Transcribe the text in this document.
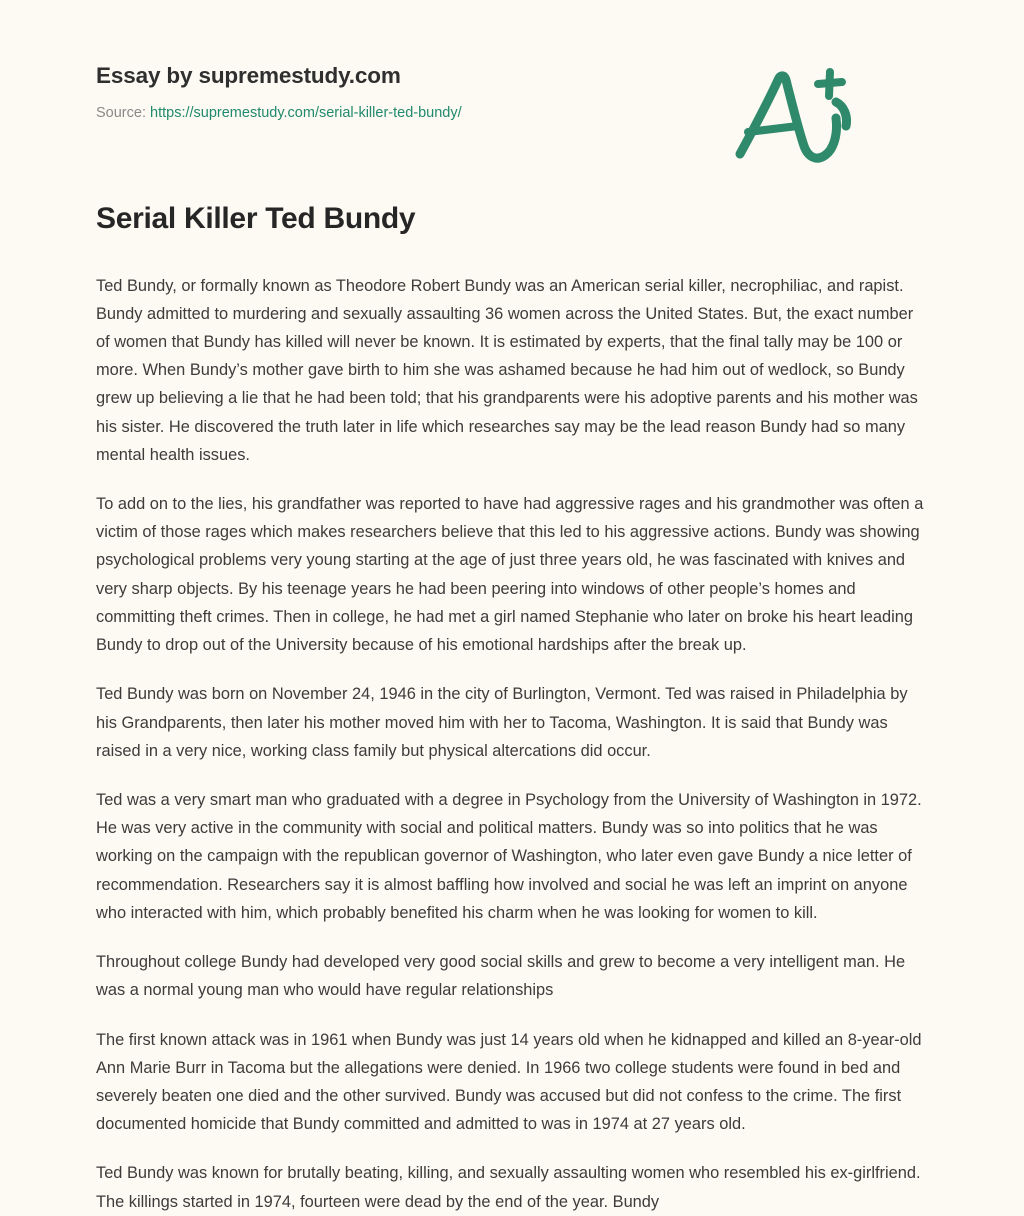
Essay by supremestudy.com
Source: https://supremestudy.com/serial-killer-ted-bundy/
Serial Killer Ted Bundy

Ted Bundy, or formally known as Theodore Robert Bundy was an American serial killer, necrophiliac, and rapist. Bundy admitted to murdering and sexually assaulting 36 women across the United States. But, the exact number of women that Bundy has killed will never be known. It is estimated by experts, that the final tally may be 100 or more. When Bundy’s mother gave birth to him she was ashamed because he had him out of wedlock, so Bundy grew up believing a lie that he had been told; that his grandparents were his adoptive parents and his mother was his sister. He discovered the truth later in life which researches say may be the lead reason Bundy had so many mental health issues.

To add on to the lies, his grandfather was reported to have had aggressive rages and his grandmother was often a victim of those rages which makes researchers believe that this led to his aggressive actions. Bundy was showing psychological problems very young starting at the age of just three years old, he was fascinated with knives and very sharp objects. By his teenage years he had been peering into windows of other people’s homes and committing theft crimes. Then in college, he had met a girl named Stephanie who later on broke his heart leading Bundy to drop out of the University because of his emotional hardships after the break up.

Ted Bundy was born on November 24, 1946 in the city of Burlington, Vermont. Ted was raised in Philadelphia by his Grandparents, then later his mother moved him with her to Tacoma, Washington. It is said that Bundy was raised in a very nice, working class family but physical altercations did occur.

Ted was a very smart man who graduated with a degree in Psychology from the University of Washington in 1972. He was very active in the community with social and political matters. Bundy was so into politics that he was working on the campaign with the republican governor of Washington, who later even gave Bundy a nice letter of recommendation. Researchers say it is almost baffling how involved and social he was left an imprint on anyone who interacted with him, which probably benefited his charm when he was looking for women to kill.

Throughout college Bundy had developed very good social skills and grew to become a very intelligent man. He was a normal young man who would have regular relationships

The first known attack was in 1961 when Bundy was just 14 years old when he kidnapped and killed an 8-year-old Ann Marie Burr in Tacoma but the allegations were denied. In 1966 two college students were found in bed and severely beaten one died and the other survived. Bundy was accused but did not confess to the crime. The first documented homicide that Bundy committed and admitted to was in 1974 at 27 years old.

Ted Bundy was known for brutally beating, killing, and sexually assaulting women who resembled his ex-girlfriend. The killings started in 1974, fourteen were dead by the end of the year. Bundy
